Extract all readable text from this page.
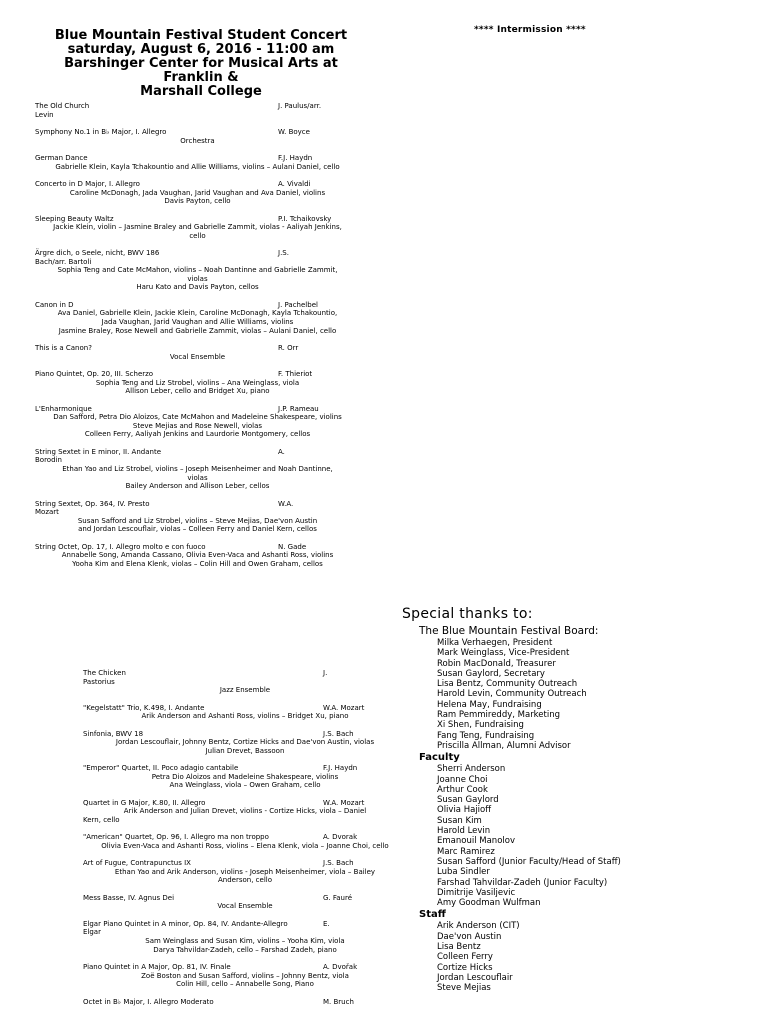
Blue Mountain Festival Student Concert
saturday, August 6, 2016 - 11:00 am
Barshinger Center for Musical Arts at Franklin &
Marshall College
**** Intermission ****
The Old Church	J. Paulus/arr.
Levin
Symphony No.1 in B♭ Major, I. Allegro	W. Boyce
Orchestra
German Dance	F.J. Haydn
Gabrielle Klein, Kayla Tchakountio and Allie Williams, violins – Aulani Daniel, cello
Concerto in D Major, I. Allegro	A. Vivaldi
Caroline McDonagh, Jada Vaughan, Jarid Vaughan and Ava Daniel, violins
Davis Payton, cello
Sleeping Beauty Waltz	P.I. Tchaikovsky
Jackie Klein, violin – Jasmine Braley and Gabrielle Zammit, violas - Aaliyah Jenkins,
cello
Ärgre dich, o Seele, nicht, BWV 186	J.S.
Bach/arr. Bartoli
Sophia Teng and Cate McMahon, violins – Noah Dantinne and Gabrielle Zammit,
violas
Haru Kato and Davis Payton, cellos
Canon in D	J. Pachelbel
Ava Daniel, Gabrielle Klein, Jackie Klein, Caroline McDonagh, Kayla Tchakountio,
Jada Vaughan, Jarid Vaughan and Allie Williams, violins
Jasmine Braley, Rose Newell and Gabrielle Zammit, violas – Aulani Daniel, cello
This is a Canon?	R. Orr
Vocal Ensemble
Piano Quintet, Op. 20, III. Scherzo	F. Thieriot
Sophia Teng and Liz Strobel, violins – Ana Weinglass, viola
Allison Leber, cello and Bridget Xu, piano
L'Enharmonique	J.P. Rameau
Dan Safford, Petra Dio Aloizos, Cate McMahon and Madeleine Shakespeare, violins
Steve Mejias and Rose Newell, violas
Colleen Ferry, Aaliyah Jenkins and Laurdorie Montgomery, cellos
String Sextet in E minor, II. Andante	A.
Borodin
Ethan Yao and Liz Strobel, violins – Joseph Meisenheimer and Noah Dantinne,
violas
Bailey Anderson and Allison Leber, cellos
String Sextet, Op. 364, IV. Presto	W.A.
Mozart
Susan Safford and Liz Strobel, violins – Steve Mejias, Dae'von Austin
and Jordan Lescouflair, violas – Colleen Ferry and Daniel Kern, cellos
String Octet, Op. 17, I. Allegro molto e con fuoco	N. Gade
Annabelle Song, Amanda Cassano, Olivia Even-Vaca and Ashanti Ross, violins
Yooha Kim and Elena Klenk, violas – Colin Hill and Owen Graham, cellos
The Chicken	J.
Pastorius
Jazz Ensemble
"Kegelstatt" Trio, K.498, I. Andante	W.A. Mozart
Arik Anderson and Ashanti Ross, violins – Bridget Xu, piano
Sinfonia, BWV 18	J.S. Bach
Jordan Lescouflair, Johnny Bentz, Cortize Hicks and Dae'von Austin, violas
Julian Drevet, Bassoon
"Emperor" Quartet, II. Poco adagio cantabile	F.J. Haydn
Petra Dio Aloizos and Madeleine Shakespeare, violins
Ana Weinglass, viola – Owen Graham, cello
Quartet in G Major, K.80, II. Allegro	W.A. Mozart
Arik Anderson and Julian Drevet, violins - Cortize Hicks, viola – Daniel
Kern, cello
"American" Quartet, Op. 96, I. Allegro ma non troppo	A. Dvorak
Olivia Even-Vaca and Ashanti Ross, violins – Elena Klenk, viola – Joanne Choi, cello
Art of Fugue, Contrapunctus IX	J.S. Bach
Ethan Yao and Arik Anderson, violins - Joseph Meisenheimer, viola – Bailey
Anderson, cello
Mess Basse, IV. Agnus Dei	G. Fauré
Vocal Ensemble
Elgar Piano Quintet in A minor, Op. 84, IV. Andante-Allegro	E.
Elgar
Sam Weinglass and Susan Kim, violins – Yooha Kim, viola
Darya Tahvildar-Zadeh, cello – Farshad Zadeh, piano
Piano Quintet in A Major, Op. 81, IV. Finale	A. Dvořak
Zoë Boston and Susan Safford, violins – Johnny Bentz, viola
Colin Hill, cello – Annabelle Song, Piano
Octet in B♭ Major, I. Allegro Moderato	M. Bruch
Special thanks to:
The Blue Mountain Festival Board:
Milka Verhaegen, President
Mark Weinglass, Vice-President
Robin MacDonald, Treasurer
Susan Gaylord, Secretary
Lisa Bentz, Community Outreach
Harold Levin, Community Outreach
Helena May, Fundraising
Ram Pemmireddy, Marketing
Xi Shen, Fundraising
Fang Teng, Fundraising
Priscilla Allman, Alumni Advisor
Faculty
Sherri Anderson
Joanne Choi
Arthur Cook
Susan Gaylord
Olivia Hajioff
Susan Kim
Harold Levin
Emanouil Manolov
Marc Ramirez
Susan Safford (Junior Faculty/Head of Staff)
Luba Sindler
Farshad Tahvildar-Zadeh (Junior Faculty)
Dimitrije Vasiljevic
Amy Goodman Wulfman
Staff
Arik Anderson (CIT)
Dae'von Austin
Lisa Bentz
Colleen Ferry
Cortize Hicks
Jordan Lescouflair
Steve Mejias
